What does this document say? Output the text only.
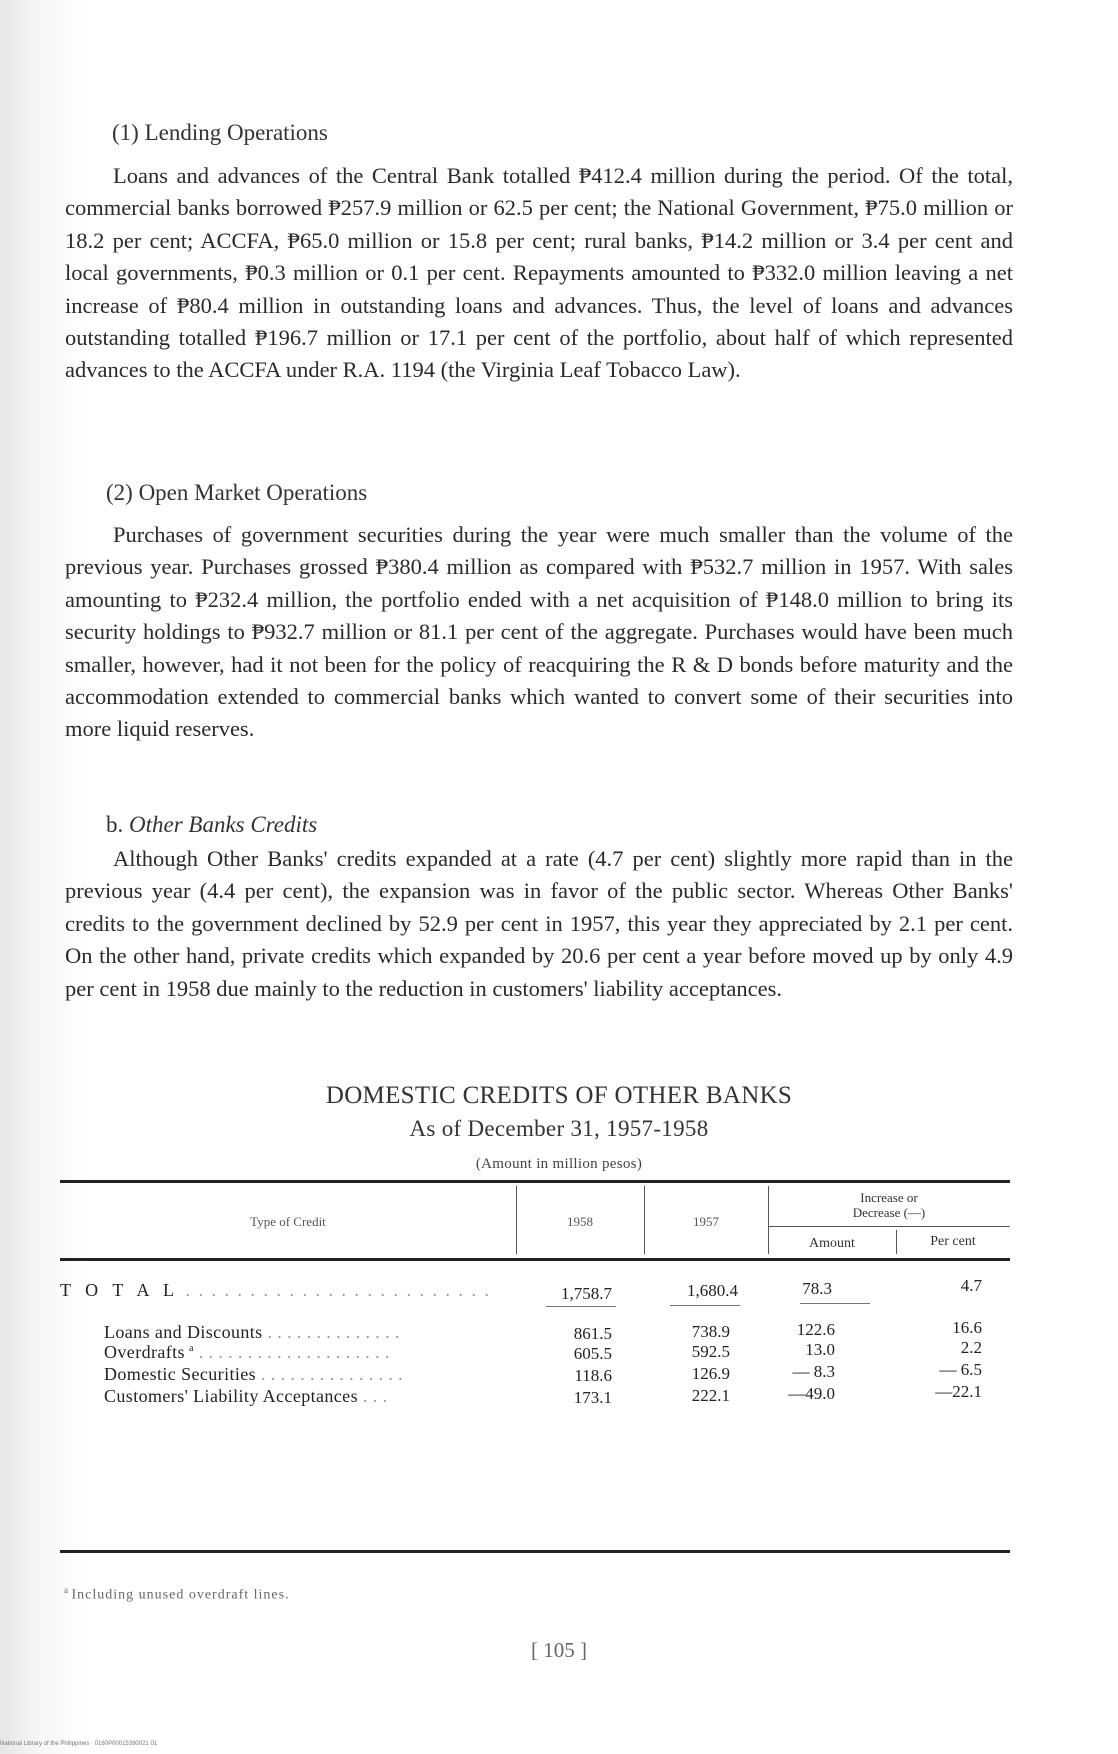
(1) Lending Operations

Loans and advances of the Central Bank totalled ₱412.4 million during the period. Of the total, commercial banks borrowed ₱257.9 million or 62.5 per cent; the National Government, ₱75.0 million or 18.2 per cent; ACCFA, ₱65.0 million or 15.8 per cent; rural banks, ₱14.2 million or 3.4 per cent and local governments, ₱0.3 million or 0.1 per cent. Repayments amounted to ₱332.0 million leaving a net increase of ₱80.4 million in outstanding loans and advances. Thus, the level of loans and advances outstanding totalled ₱196.7 million or 17.1 per cent of the portfolio, about half of which represented advances to the ACCFA under R.A. 1194 (the Virginia Leaf Tobacco Law).

(2) Open Market Operations

Purchases of government securities during the year were much smaller than the volume of the previous year. Purchases grossed ₱380.4 million as compared with ₱532.7 million in 1957. With sales amounting to ₱232.4 million, the portfolio ended with a net acquisition of ₱148.0 million to bring its security holdings to ₱932.7 million or 81.1 per cent of the aggregate. Purchases would have been much smaller, however, had it not been for the policy of reacquiring the R & D bonds before maturity and the accommodation extended to commercial banks which wanted to convert some of their securities into more liquid reserves.

b. Other Banks Credits

Although Other Banks' credits expanded at a rate (4.7 per cent) slightly more rapid than in the previous year (4.4 per cent), the expansion was in favor of the public sector. Whereas Other Banks' credits to the government declined by 52.9 per cent in 1957, this year they appreciated by 2.1 per cent. On the other hand, private credits which expanded by 20.6 per cent a year before moved up by only 4.9 per cent in 1958 due mainly to the reduction in customers' liability acceptances.

DOMESTIC CREDITS OF OTHER BANKS
As of December 31, 1957-1958
(Amount in million pesos)
Type of Credit	1958	1957
Increase or
Decrease (—)
Amount	Per cent
T O T A L . . . . . . . . . . . . . . . . . . . . . . . .	1,758.7	1,680.4	78.3	4.7
Loans and Discounts . . . . . . . . . . . . . .	861.5	738.9	122.6	16.6
Overdrafts $^a$ . . . . . . . . . . . . . . . . . . . .	605.5	592.5	13.0	2.2
Domestic Securities . . . . . . . . . . . . . . .	118.6	126.9	— 8.3	— 6.5
Customers' Liability Acceptances . . .	173.1	222.1	—49.0	—22.1
$^a$ Including unused overdraft lines.
[ 105 ]
National Library of the Philippines · 0160P00015390021 01
